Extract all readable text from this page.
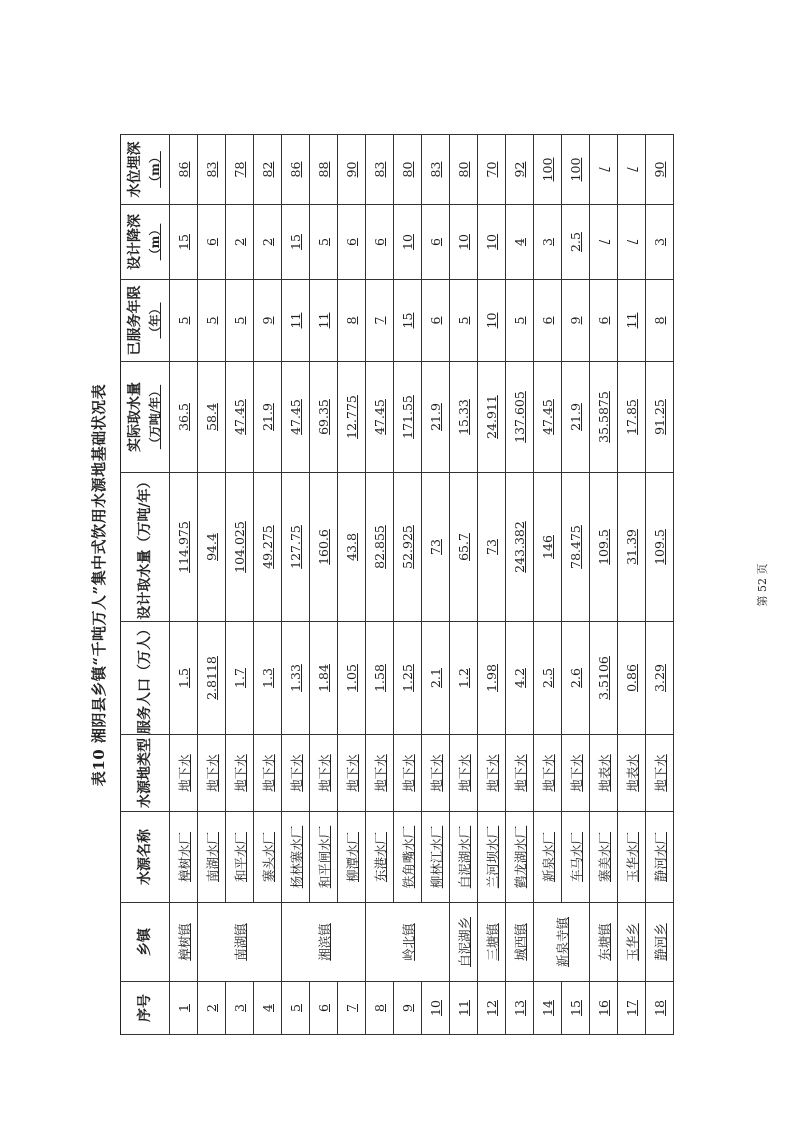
表10 湘阴县乡镇“千吨万人”集中式饮用水源地基础状况表
序号	乡镇	水源名称	水源地类型	服务人口（万人）	设计取水量（万吨/年）	实际取水量 （万吨/年）	已服务年限 （年）	设计降深 （m）	水位埋深 （m）

1	樟树镇	樟树水厂	地下水	1.5	114.975	36.5	5	15	86
2	南湖镇	南湖水厂	地下水	2.8118	94.4	58.4	5	6	83
3		和平水厂	地下水	1.7	104.025	47.45	5	2	78
4		寨头水厂	地下水	1.3	49.275	21.9	9	2	82
5	湘滨镇	杨林寨水厂	地下水	1.33	127.75	47.45	11	15	86
6		和平闸水厂	地下水	1.84	160.6	69.35	11	5	88
7		柳潭水厂	地下水	1.05	43.8	12.775	8	6	90
8	岭北镇	东港水厂	地下水	1.58	82.855	47.45	7	6	83
9		铁角嘴水厂	地下水	1.25	52.925	171.55	15	10	80
10		柳林江水厂	地下水	2.1	73	21.9	6	6	83
11	白泥湖乡	白泥湖水厂	地下水	1.2	65.7	15.33	5	10	80
12	三塘镇	兰河坝水厂	地下水	1.98	73	24.911	10	10	70
13	城西镇	鹤龙湖水厂	地下水	4.2	243.382	137.605	5	4	92
14	新泉寺镇	新泉水厂	地下水	2.5	146	47.45	6	3	100
15		车马水厂	地下水	2.6	78.475	21.9	9	2.5	100
16	东塘镇	寨美水厂	地表水	3.5106	109.5	35.5875	6	/	/
17	玉华乡	玉华水厂	地表水	0.86	31.39	17.85	11	/	/
18	静河乡	静河水厂	地下水	3.29	109.5	91.25	8	3	90
第 52 页
